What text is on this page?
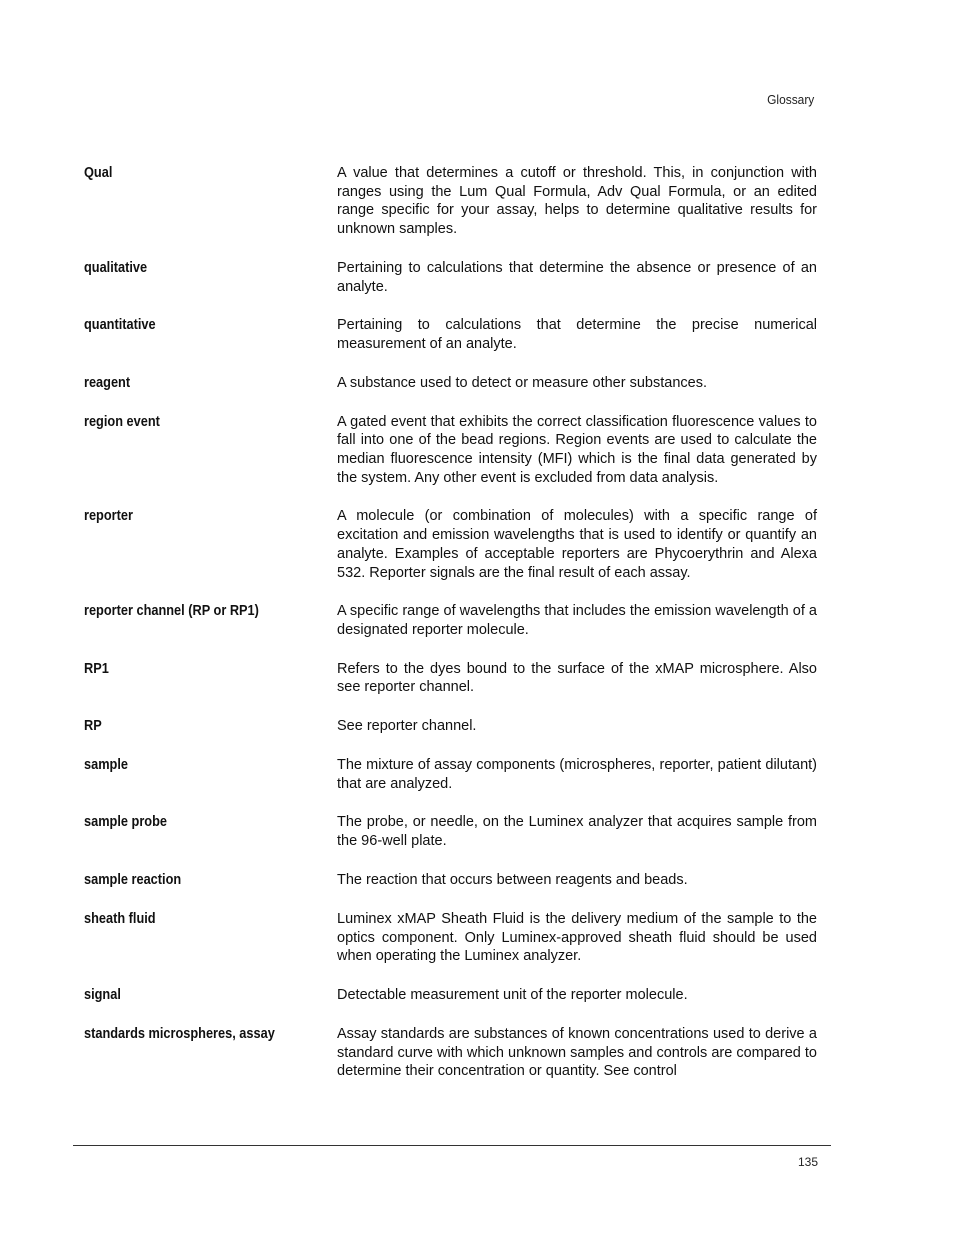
Glossary
Qual	A value that determines a cutoff or threshold. This, in conjunction with ranges using the Lum Qual Formula, Adv Qual Formula, or an edited range specific for your assay, helps to determine qualitative results for unknown samples.
qualitative	Pertaining to calculations that determine the absence or presence of an analyte.
quantitative	Pertaining to calculations that determine the precise numerical measurement of an analyte.
reagent	A substance used to detect or measure other substances.
region event	A gated event that exhibits the correct classification fluorescence values to fall into one of the bead regions. Region events are used to calculate the median fluorescence intensity (MFI) which is the final data generated by the system. Any other event is excluded from data analysis.
reporter	A molecule (or combination of molecules) with a specific range of excitation and emission wavelengths that is used to identify or quantify an analyte. Examples of acceptable reporters are Phycoerythrin and Alexa 532. Reporter signals are the final result of each assay.
reporter channel (RP or RP1)	A specific range of wavelengths that includes the emission wavelength of a designated reporter molecule.
RP1	Refers to the dyes bound to the surface of the xMAP microsphere. Also see reporter channel.
RP	See reporter channel.
sample	The mixture of assay components (microspheres, reporter, patient dilutant) that are analyzed.
sample probe	The probe, or needle, on the Luminex analyzer that acquires sample from the 96-well plate.
sample reaction	The reaction that occurs between reagents and beads.
sheath fluid	Luminex xMAP Sheath Fluid is the delivery medium of the sample to the optics component. Only Luminex-approved sheath fluid should be used when operating the Luminex analyzer.
signal	Detectable measurement unit of the reporter molecule.
standards microspheres, assay	Assay standards are substances of known concentrations used to derive a standard curve with which unknown samples and controls are compared to determine their concentration or quantity. See control
135
